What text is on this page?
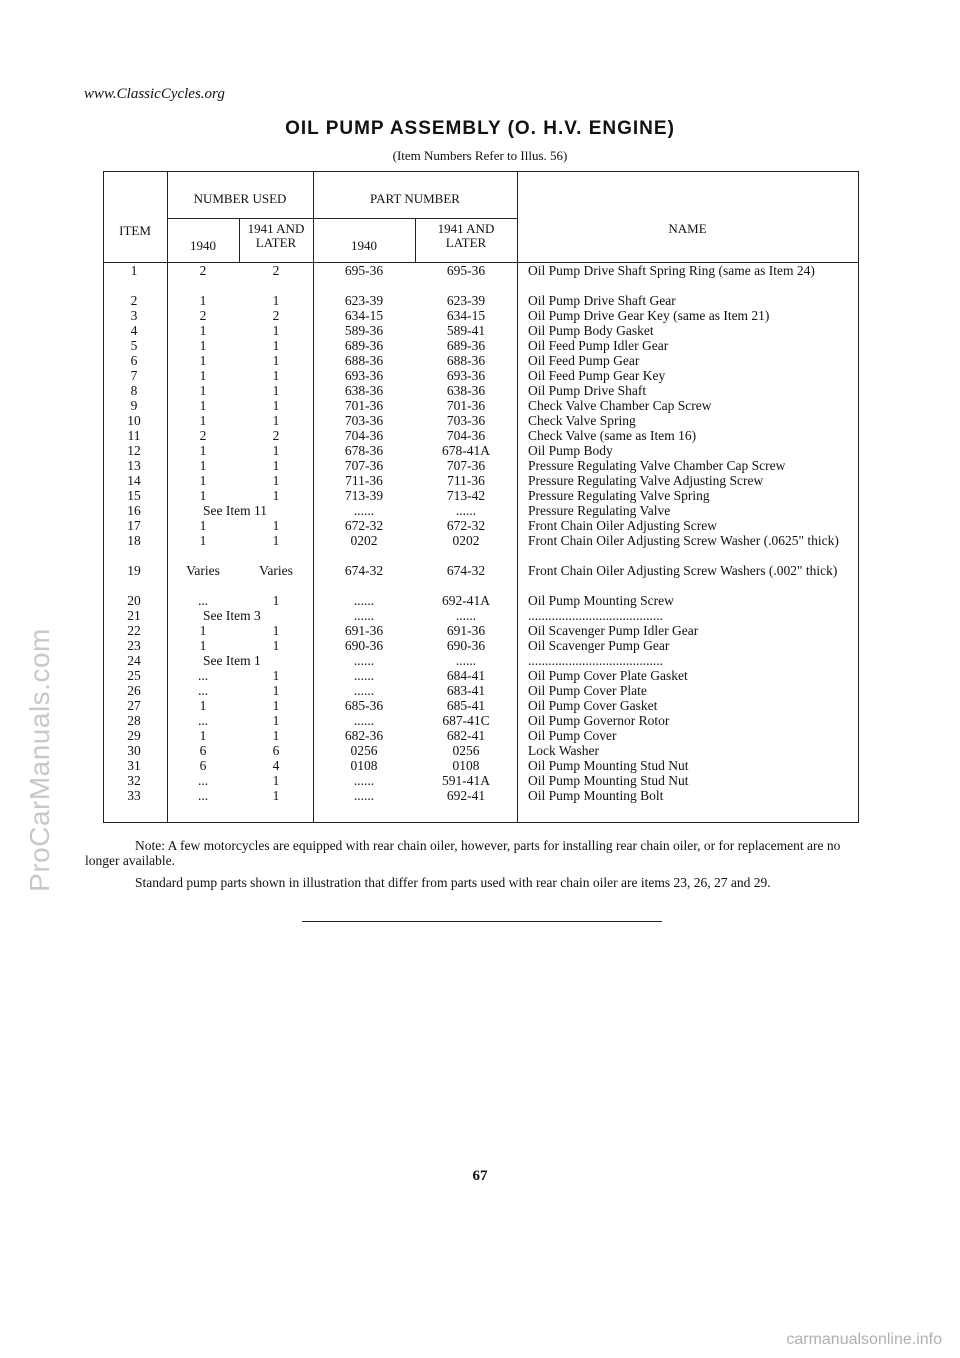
www.ClassicCycles.org
ProCarManuals.com
OIL PUMP ASSEMBLY (O. H.V. ENGINE)
(Item Numbers Refer to Illus. 56)
ITEM
NUMBER USED	PART NUMBER
1940
1941 AND
LATER	1940
1941 AND
LATER
NAME
1	2	2	695-36	695-36	Oil Pump Drive Shaft Spring Ring (same as Item 24)
2	1	1	623-39	623-39	Oil Pump Drive Shaft Gear
3	2	2	634-15	634-15	Oil Pump Drive Gear Key (same as Item 21)
4	1	1	589-36	589-41	Oil Pump Body Gasket
5	1	1	689-36	689-36	Oil Feed Pump Idler Gear
6	1	1	688-36	688-36	Oil Feed Pump Gear
7	1	1	693-36	693-36	Oil Feed Pump Gear Key
8	1	1	638-36	638-36	Oil Pump Drive Shaft
9	1	1	701-36	701-36	Check Valve Chamber Cap Screw
10	1	1	703-36	703-36	Check Valve Spring
11	2	2	704-36	704-36	Check Valve (same as Item 16)
12	1	1	678-36	678-41A	Oil Pump Body
13	1	1	707-36	707-36	Pressure Regulating Valve Chamber Cap Screw
14	1	1	711-36	711-36	Pressure Regulating Valve Adjusting Screw
15	1	1	713-39	713-42	Pressure Regulating Valve Spring
16	See Item 11	......	......	Pressure Regulating Valve
17	1	1	672-32	672-32	Front Chain Oiler Adjusting Screw
18	1	1	0202	0202	Front Chain Oiler Adjusting Screw Washer (.0625" thick)
19	Varies	Varies	674-32	674-32	Front Chain Oiler Adjusting Screw Washers (.002" thick)
20	...	1	......	692-41A	Oil Pump Mounting Screw
21	See Item 3	......	......	........................................
22	1	1	691-36	691-36	Oil Scavenger Pump Idler Gear
23	1	1	690-36	690-36	Oil Scavenger Pump Gear
24	See Item 1	......	......	........................................
25	...	1	......	684-41	Oil Pump Cover Plate Gasket
26	...	1	......	683-41	Oil Pump Cover Plate
27	1	1	685-36	685-41	Oil Pump Cover Gasket
28	...	1	......	687-41C	Oil Pump Governor Rotor
29	1	1	682-36	682-41	Oil Pump Cover
30	6	6	0256	0256	Lock Washer
31	6	4	0108	0108	Oil Pump Mounting Stud Nut
32	...	1	......	591-41A	Oil Pump Mounting Stud Nut
33	...	1	......	692-41	Oil Pump Mounting Bolt
Note: A few motorcycles are equipped with rear chain oiler, however, parts for installing rear chain oiler, or for replacement are no longer available.
Standard pump parts shown in illustration that differ from parts used with rear chain oiler are items 23, 26, 27 and 29.
67
carmanualsonline.info
